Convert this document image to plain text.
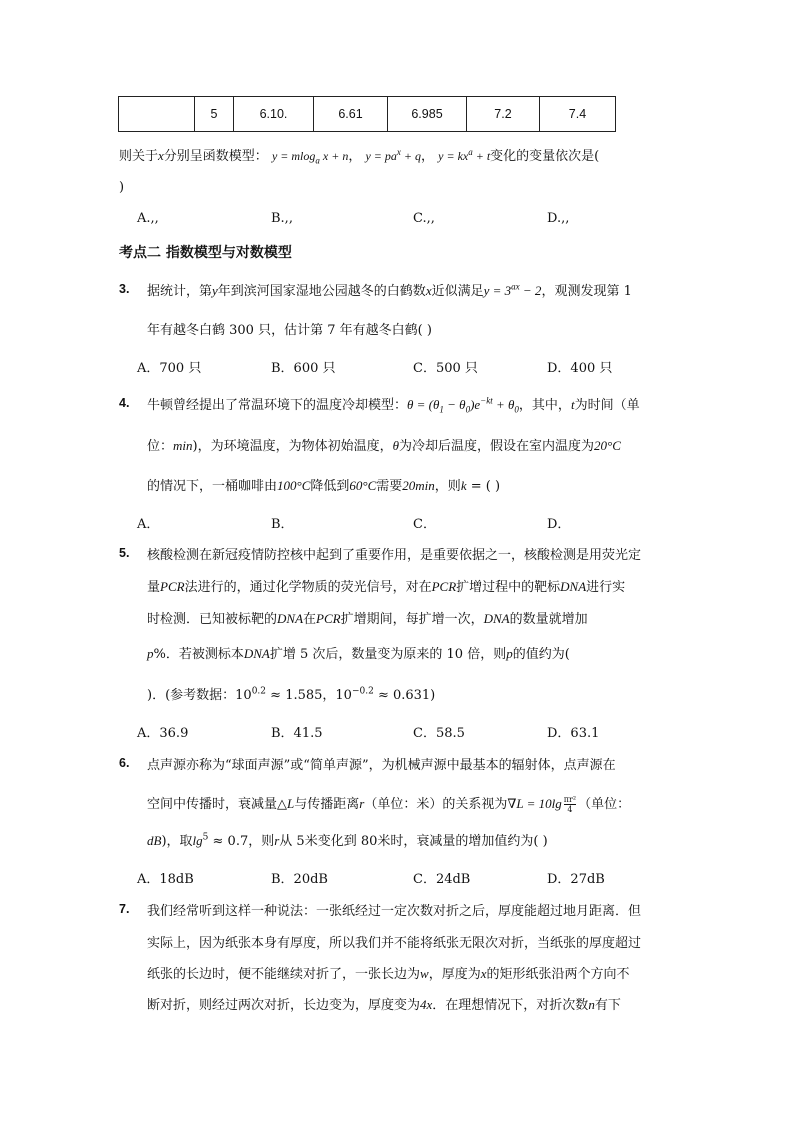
	5	6.10.	6.61	6.985	7.2	7.4
则关于x分别呈函数模型： y = mlog$_a$ x + n， $y = pa^x + q$， $y = kx^a + t$变化的变量依次是(
)
A.,,	B.,,	C.,,	D.,,
考点二 指数模型与对数模型
3. 据统计，第y年到滨河国家湿地公园越冬的白鹤数x近似满足$y = 3^{ax} - 2$，观测发现第 1
年有越冬白鹤 300 只，估计第 7 年有越冬白鹤( )
A．700 只	B．600 只	C．500 只	D．400 只
4. 牛顿曾经提出了常温环境下的温度冷却模型：$\theta = (\theta_1 - \theta_0)e^{-kt} + \theta_0$，其中，t为时间（单
位：min)，为环境温度，为物体初始温度，θ为冷却后温度，假设在室内温度为20°C
的情况下，一桶咖啡由100°C降低到60°C需要20min，则k = ( )
A．	B．	C．	D．
5. 核酸检测在新冠疫情防控核中起到了重要作用，是重要依据之一，核酸检测是用荧光定
量PCR法进行的，通过化学物质的荧光信号，对在PCR扩增过程中的靶标DNA进行实
时检测．已知被标靶的DNA在PCR扩增期间，每扩增一次，DNA的数量就增加
p%．若被测标本DNA扩增 5 次后，数量变为原来的 10 倍，则p的值约为(
)．(参考数据：$10^{0.2} \approx 1.585$，$10^{-0.2} \approx 0.631$)
A．36.9	B．41.5	C．58.5	D．63.1
6. 点声源亦称为“球面声源”或“简单声源”，为机械声源中最基本的辐射体，点声源在
空间中传播时，衰减量△L与传播距离r（单位：米）的关系视为$\nabla L = 10\lg \frac{\text{πr²}}{4}$ （单位：
dB)，取$\lg^5 \approx 0.7$，则r从 5米变化到 80米时，衰减量的增加值约为( )
A．18dB	B．20dB	C．24dB	D．27dB
7. 我们经常听到这样一种说法：一张纸经过一定次数对折之后，厚度能超过地月距离．但
实际上，因为纸张本身有厚度，所以我们并不能将纸张无限次对折，当纸张的厚度超过
纸张的长边时，便不能继续对折了，一张长边为w，厚度为x的矩形纸张沿两个方向不
断对折，则经过两次对折，长边变为，厚度变为4x．在理想情况下，对折次数n有下
